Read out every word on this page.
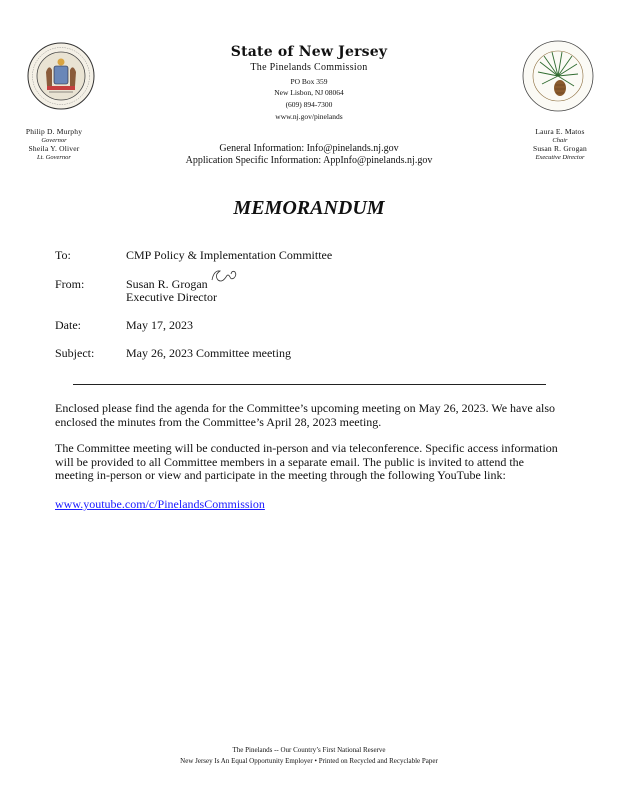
State of New Jersey
The Pinelands Commission
PO Box 359
New Lisbon, NJ 08064
(609) 894-7300
www.nj.gov/pinelands
Philip D. Murphy
Governor
Sheila Y. Oliver
Lt. Governor
Laura E. Matos
Chair
Susan R. Grogan
Executive Director
General Information: Info@pinelands.nj.gov
Application Specific Information: AppInfo@pinelands.nj.gov
MEMORANDUM
To:	CMP Policy & Implementation Committee
From:	Susan R. Grogan
Executive Director
Date:	May 17, 2023
Subject:	May 26, 2023 Committee meeting
Enclosed please find the agenda for the Committee’s upcoming meeting on May 26, 2023. We have also enclosed the minutes from the Committee’s April 28, 2023 meeting.
The Committee meeting will be conducted in-person and via teleconference. Specific access information will be provided to all Committee members in a separate email. The public is invited to attend the meeting in-person or view and participate in the meeting through the following YouTube link:
www.youtube.com/c/PinelandsCommission
The Pinelands -- Our Country’s First National Reserve
New Jersey Is An Equal Opportunity Employer • Printed on Recycled and Recyclable Paper
